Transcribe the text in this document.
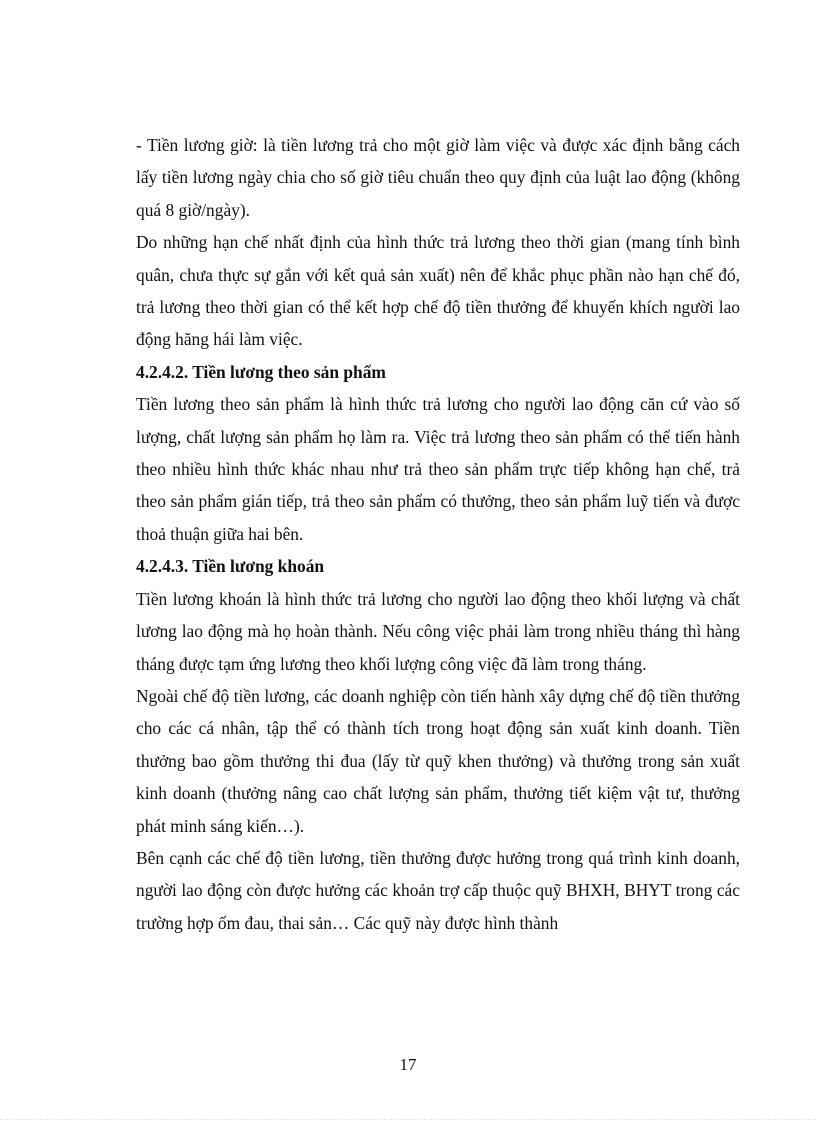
- Tiền lương giờ: là tiền lương trả cho một giờ làm việc và được xác định bằng cách lấy tiền lương ngày chia cho số giờ tiêu chuẩn theo quy định của luật lao động (không quá 8 giờ/ngày).

Do những hạn chế nhất định của hình thức trả lương theo thời gian (mang tính bình quân, chưa thực sự gắn với kết quả sản xuất) nên để khắc phục phần nào hạn chế đó, trả lương theo thời gian có thể kết hợp chế độ tiền thưởng để khuyến khích người lao động hăng hái làm việc.

4.2.4.2. Tiền lương theo sản phẩm

Tiền lương theo sản phẩm là hình thức trả lương cho người lao động căn cứ vào số lượng, chất lượng sản phẩm họ làm ra. Việc trả lương theo sản phẩm có thể tiến hành theo nhiều hình thức khác nhau như trả theo sản phẩm trực tiếp không hạn chế, trả theo sản phẩm gián tiếp, trả theo sản phẩm có thưởng, theo sản phẩm luỹ tiến và được thoả thuận giữa hai bên.

4.2.4.3. Tiền lương khoán

Tiền lương khoán là hình thức trả lương cho người lao động theo khối lượng và chất lương lao động mà họ hoàn thành. Nếu công việc phải làm trong nhiều tháng thì hàng tháng được tạm ứng lương theo khối lượng công việc đã làm trong tháng.

Ngoài chế độ tiền lương, các doanh nghiệp còn tiến hành xây dựng chế độ tiền thưởng cho các cá nhân, tập thể có thành tích trong hoạt động sản xuất kinh doanh. Tiền thưởng bao gồm thưởng thi đua (lấy từ quỹ khen thưởng) và thưởng trong sản xuất kinh doanh (thưởng nâng cao chất lượng sản phẩm, thưởng tiết kiệm vật tư, thưởng phát minh sáng kiến…).

Bên cạnh các chế độ tiền lương, tiền thưởng được hưởng trong quá trình kinh doanh, người lao động còn được hưởng các khoản trợ cấp thuộc quỹ BHXH, BHYT trong các trường hợp ốm đau, thai sản… Các quỹ này được hình thành

17
